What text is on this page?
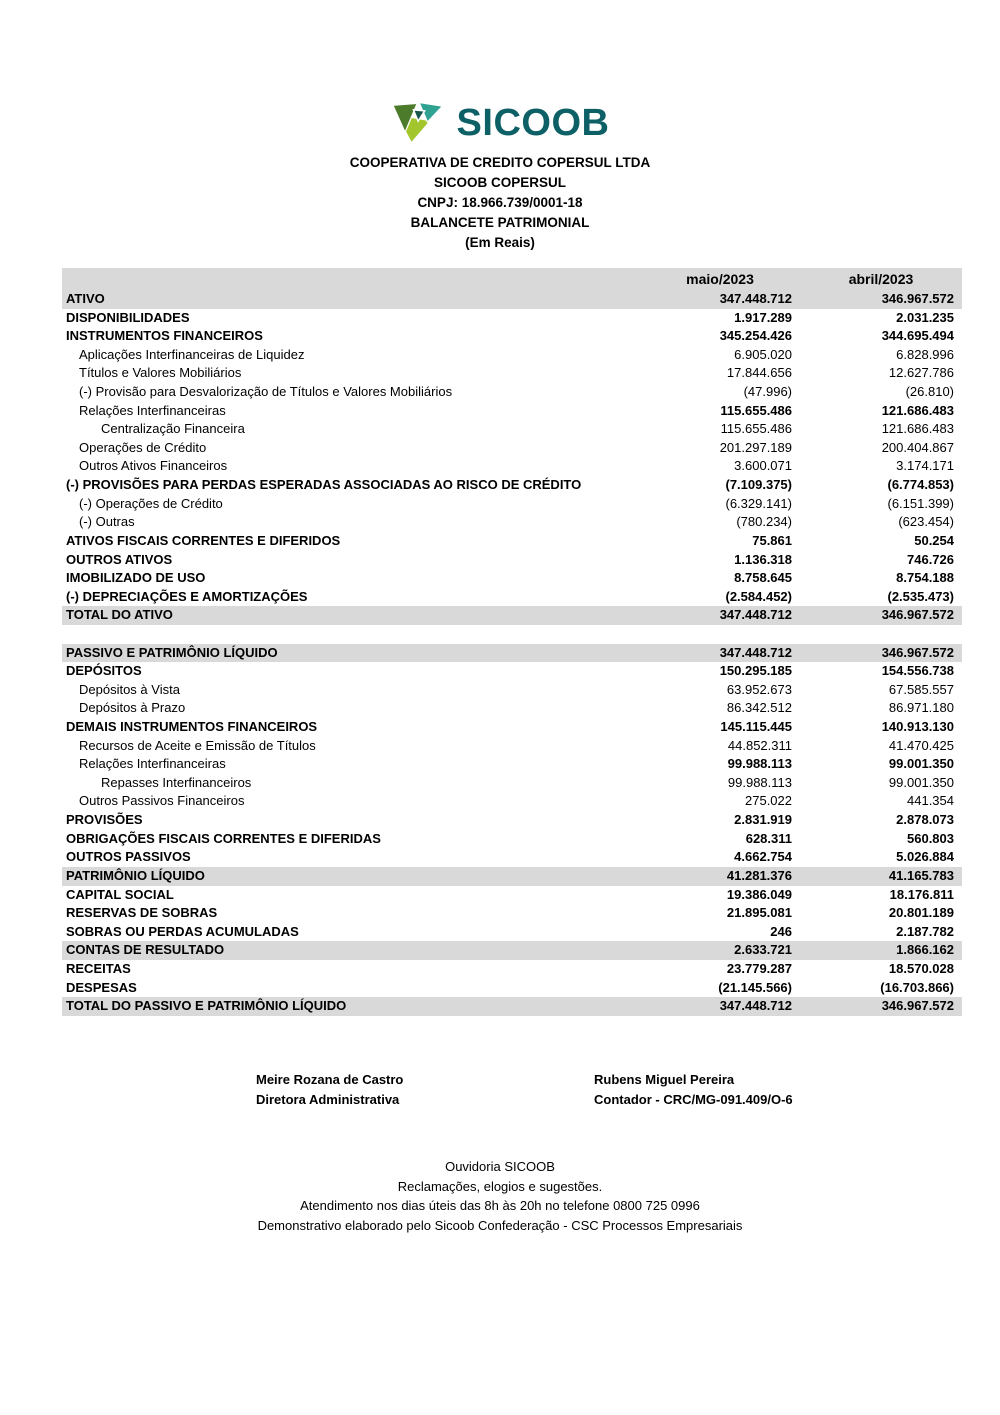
SICOOB
COOPERATIVA DE CREDITO COPERSUL LTDA
SICOOB COPERSUL
CNPJ: 18.966.739/0001-18
BALANCETE PATRIMONIAL
(Em Reais)
maio/2023	abril/2023
ATIVO	347.448.712	346.967.572
DISPONIBILIDADES	1.917.289	2.031.235
INSTRUMENTOS FINANCEIROS	345.254.426	344.695.494
Aplicações Interfinanceiras de Liquidez	6.905.020	6.828.996
Títulos e Valores Mobiliários	17.844.656	12.627.786
(-) Provisão para Desvalorização de Títulos e Valores Mobiliários	(47.996)	(26.810)
Relações Interfinanceiras	115.655.486	121.686.483
Centralização Financeira	115.655.486	121.686.483
Operações de Crédito	201.297.189	200.404.867
Outros Ativos Financeiros	3.600.071	3.174.171
(-) PROVISÕES PARA PERDAS ESPERADAS ASSOCIADAS AO RISCO DE CRÉDITO	(7.109.375)	(6.774.853)
(-) Operações de Crédito	(6.329.141)	(6.151.399)
(-) Outras	(780.234)	(623.454)
ATIVOS FISCAIS CORRENTES E DIFERIDOS	75.861	50.254
OUTROS ATIVOS	1.136.318	746.726
IMOBILIZADO DE USO	8.758.645	8.754.188
(-) DEPRECIAÇÕES E AMORTIZAÇÕES	(2.584.452)	(2.535.473)
TOTAL DO ATIVO	347.448.712	346.967.572
PASSIVO E PATRIMÔNIO LÍQUIDO	347.448.712	346.967.572
DEPÓSITOS	150.295.185	154.556.738
Depósitos à Vista	63.952.673	67.585.557
Depósitos à Prazo	86.342.512	86.971.180
DEMAIS INSTRUMENTOS FINANCEIROS	145.115.445	140.913.130
Recursos de Aceite e Emissão de Títulos	44.852.311	41.470.425
Relações Interfinanceiras	99.988.113	99.001.350
Repasses Interfinanceiros	99.988.113	99.001.350
Outros Passivos Financeiros	275.022	441.354
PROVISÕES	2.831.919	2.878.073
OBRIGAÇÕES FISCAIS CORRENTES E DIFERIDAS	628.311	560.803
OUTROS PASSIVOS	4.662.754	5.026.884
PATRIMÔNIO LÍQUIDO	41.281.376	41.165.783
CAPITAL SOCIAL	19.386.049	18.176.811
RESERVAS DE SOBRAS	21.895.081	20.801.189
SOBRAS OU PERDAS ACUMULADAS	246	2.187.782
CONTAS DE RESULTADO	2.633.721	1.866.162
RECEITAS	23.779.287	18.570.028
DESPESAS	(21.145.566)	(16.703.866)
TOTAL DO PASSIVO E PATRIMÔNIO LÍQUIDO	347.448.712	346.967.572
Meire Rozana de Castro
Diretora Administrativa
Rubens Miguel Pereira
Contador - CRC/MG-091.409/O-6
Ouvidoria SICOOB
Reclamações, elogios e sugestões.
Atendimento nos dias úteis das 8h às 20h no telefone 0800 725 0996
Demonstrativo elaborado pelo Sicoob Confederação - CSC Processos Empresariais
